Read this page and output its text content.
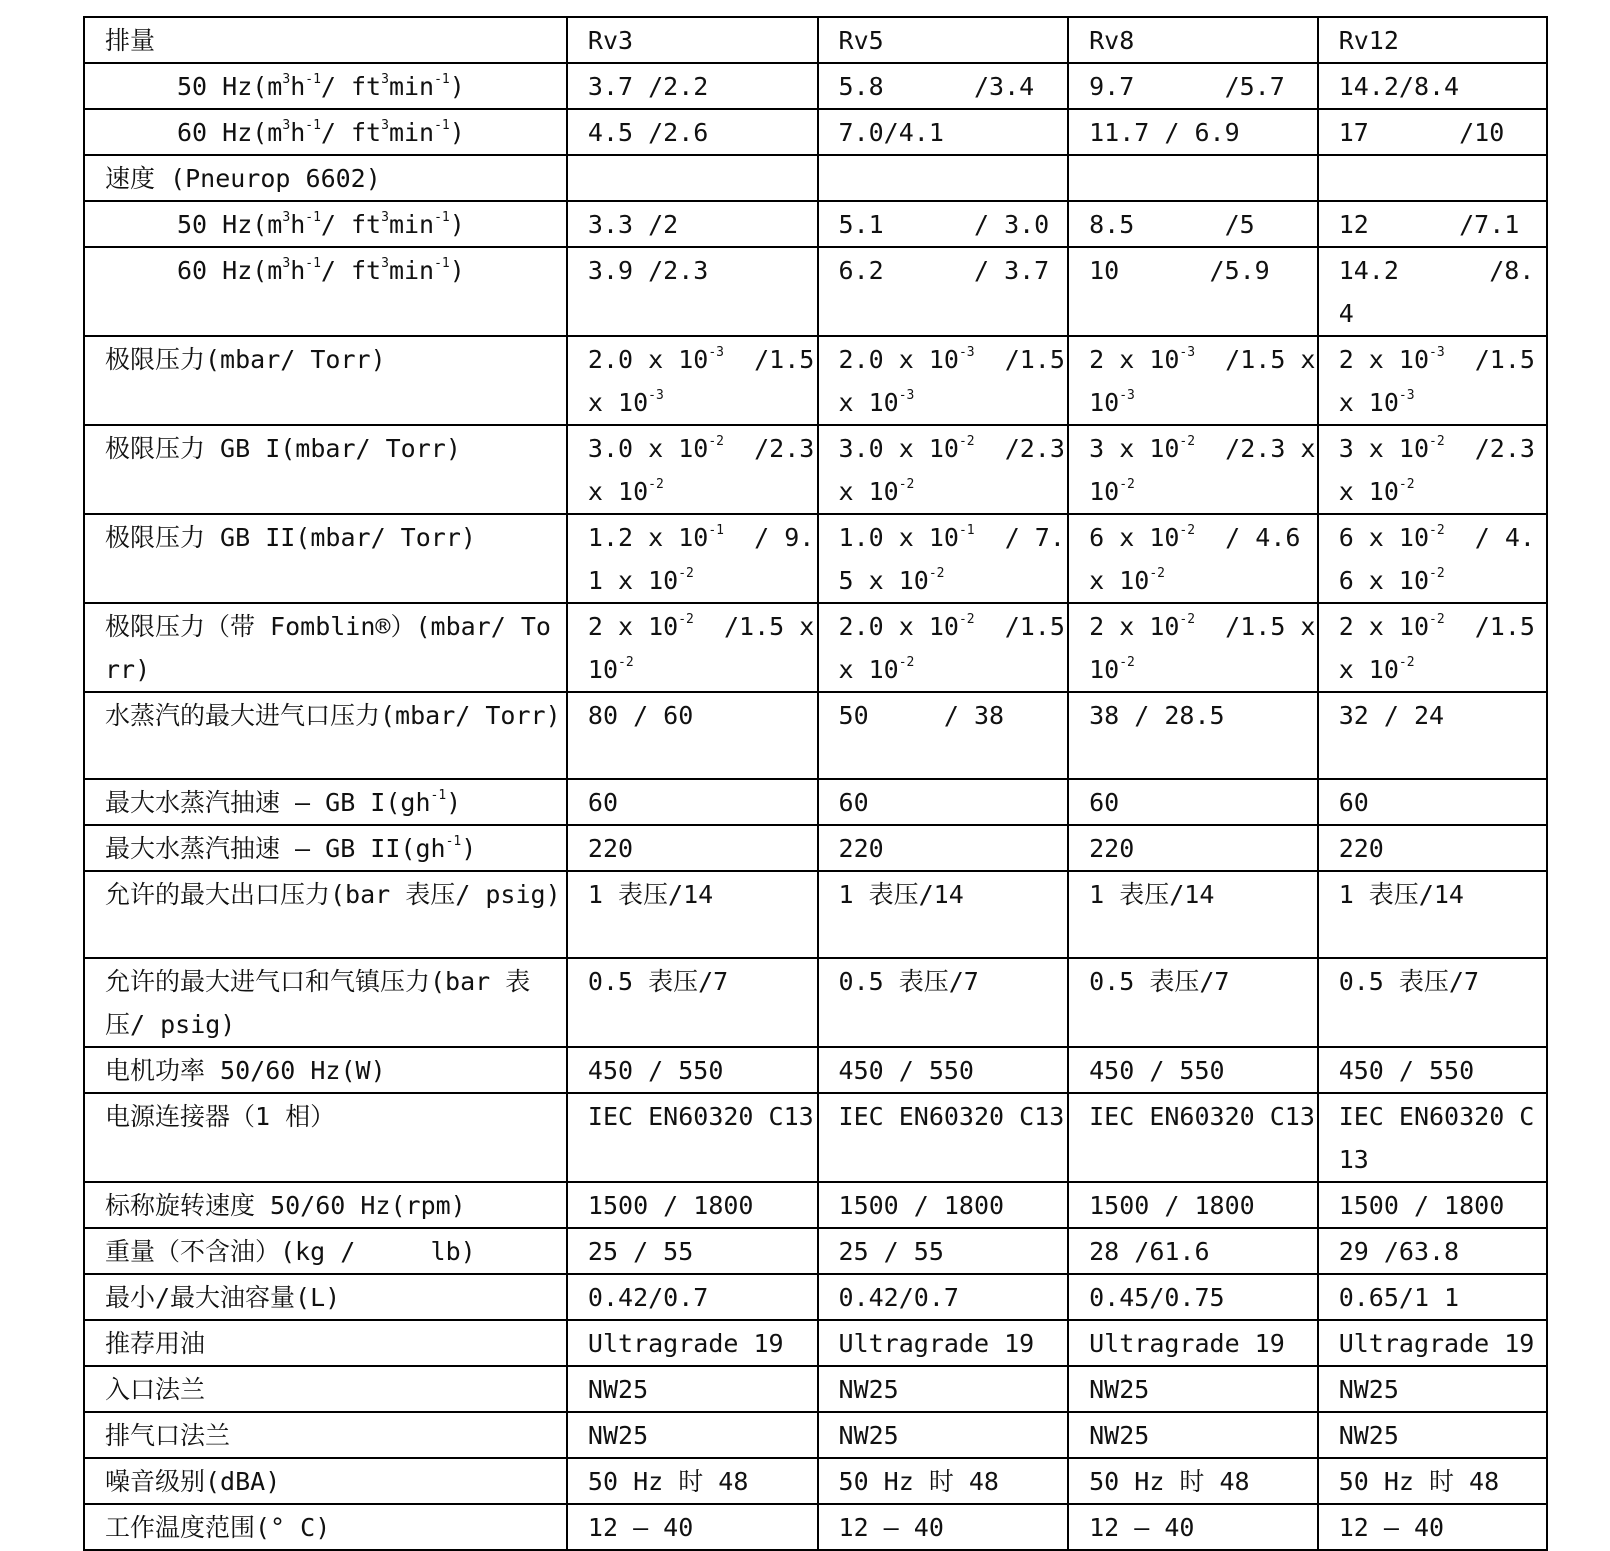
排量	Rv3	Rv5	Rv8	Rv12
50 $Hz(m^3h^{-1}/$ $ft^3\min^{-1}$)	3.7 /2.2	5.8      /3.4	9.7      /5.7	14.2/8.4
60 $Hz(m^3h^{-1}/$ $ft^3\min^{-1}$)	4.5 /2.6	7.0/4.1	11.7 / 6.9	17      /10
速度 (Pneurop 6602)				
50 $Hz(m^3h^{-1}/$ $ft^3\min^{-1}$)	3.3 /2	5.1      / 3.0	8.5      /5	12      /7.1
60 $Hz(m^3h^{-1}/$ $ft^3\min^{-1}$)	3.9 /2.3	6.2      / 3.7	10      /5.9	14.2      /8.4
极限压力(mbar/ Torr)	2.0 x $10^{-3}$  /1.5 x $10^{-3}$	2.0 x $10^{-3}$  /1.5 x $10^{-3}$	2 x $10^{-3}$  /1.5 x $10^{-3}$	2 x $10^{-3}$  /1.5 x $10^{-3}$
极限压力 GB I(mbar/ Torr)	3.0 x $10^{-2}$  /2.3 x $10^{-2}$	3.0 x $10^{-2}$  /2.3 x $10^{-2}$	3 x $10^{-2}$  /2.3 x $10^{-2}$	3 x $10^{-2}$  /2.3 x $10^{-2}$
极限压力 GB II(mbar/ Torr)	1.2 x $10^{-1} / 9.1$ x $10^{-2}$	1.0 x $10^{-1} / 7.5$ x $10^{-2}$	6 x $10^{-2} / 4.6$ x $10^{-2}$	6 x $10^{-2} / 4.6$ x $10^{-2}$
极限压力（带 Fomblin®）(mbar/ Torr)	2 x $10^{-2}$  /1.5 x $10^{-2}$	2.0 x $10^{-2}$  /1.5 x $10^{-2}$	2 x $10^{-2}$  /1.5 x $10^{-2}$	2 x $10^{-2}$  /1.5 x $10^{-2}$
水蒸汽的最大进气口压力(mbar/ Torr)	80 / 60	50     / 38	38 / 28.5	32 / 24
最大水蒸汽抽速 – GB $I(gh^{-1})$	60	60	60	60
最大水蒸汽抽速 – GB $II(gh^{-1})$	220	220	220	220
允许的最大出口压力(bar 表压/ psig)	1 表压/14	1 表压/14	1 表压/14	1 表压/14
允许的最大进气口和气镇压力(bar 表压/ psig)	0.5 表压/7	0.5 表压/7	0.5 表压/7	0.5 表压/7
电机功率 50/60 Hz(W)	450 / 550	450 / 550	450 / 550	450 / 550
电源连接器（1 相）	IEC EN60320 C13	IEC EN60320 C13	IEC EN60320 C13	IEC EN60320 C13
标称旋转速度 50/60 Hz(rpm)	1500 / 1800	1500 / 1800	1500 / 1800	1500 / 1800
重量（不含油）(kg /     lb)	25 / 55	25 / 55	28 /61.6	29 /63.8
最小/最大油容量(L)	0.42/0.7	0.42/0.7	0.45/0.75	0.65/1 1
推荐用油	Ultragrade 19	Ultragrade 19	Ultragrade 19	Ultragrade 19
入口法兰	NW25	NW25	NW25	NW25
排气口法兰	NW25	NW25	NW25	NW25
噪音级别(dBA)	50 Hz 时 48	50 Hz 时 48	50 Hz 时 48	50 Hz 时 48
工作温度范围(° C)	12 – 40	12 – 40	12 – 40	12 – 40
